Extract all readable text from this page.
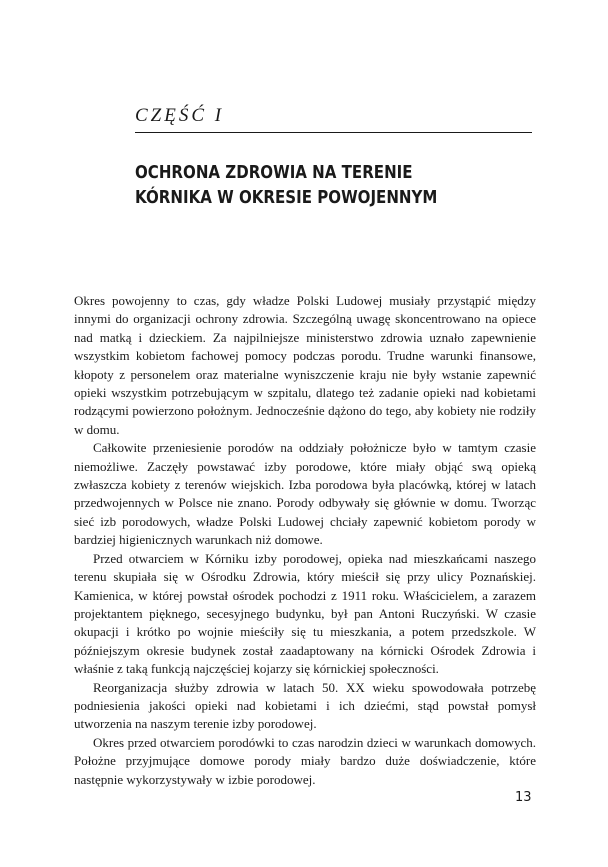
CZĘŚĆ I
OCHRONA ZDROWIA NA TERENIE
KÓRNIKA W OKRESIE POWOJENNYM

Okres powojenny to czas, gdy władze Polski Ludowej musiały przystąpić między innymi do organizacji ochrony zdrowia. Szczególną uwagę skoncentrowano na opiece nad matką i dzieckiem. Za najpilniejsze ministerstwo zdrowia uznało zapewnienie wszystkim kobietom fachowej pomocy podczas porodu. Trudne warunki finansowe, kłopoty z personelem oraz materialne wyniszczenie kraju nie były wstanie zapewnić opieki wszystkim potrzebującym w szpitalu, dlatego też zadanie opieki nad kobietami rodzącymi powierzono położnym. Jednocześnie dążono do tego, aby kobiety nie rodziły w domu.

Całkowite przeniesienie porodów na oddziały położnicze było w tamtym czasie niemożliwe. Zaczęły powstawać izby porodowe, które miały objąć swą opieką zwłaszcza kobiety z terenów wiejskich. Izba porodowa była placówką, której w latach przedwojennych w Polsce nie znano. Porody odbywały się głównie w domu. Tworząc sieć izb porodowych, władze Polski Ludowej chciały zapewnić kobietom porody w bardziej higienicznych warunkach niż domowe.

Przed otwarciem w Kórniku izby porodowej, opieka nad mieszkańcami naszego terenu skupiała się w Ośrodku Zdrowia, który mieścił się przy ulicy Poznańskiej. Kamienica, w której powstał ośrodek pochodzi z 1911 roku. Właścicielem, a zarazem projektantem pięknego, secesyjnego budynku, był pan Antoni Ruczyński. W czasie okupacji i krótko po wojnie mieściły się tu mieszkania, a potem przedszkole. W późniejszym okresie budynek został zaadaptowany na kórnicki Ośrodek Zdrowia i właśnie z taką funkcją najczęściej kojarzy się kórnickiej społeczności.

Reorganizacja służby zdrowia w latach 50. XX wieku spowodowała potrzebę podniesienia jakości opieki nad kobietami i ich dziećmi, stąd powstał pomysł utworzenia na naszym terenie izby porodowej.

Okres przed otwarciem porodówki to czas narodzin dzieci w warunkach domowych. Położne przyjmujące domowe porody miały bardzo duże doświadczenie, które następnie wykorzystywały w izbie porodowej.

13
